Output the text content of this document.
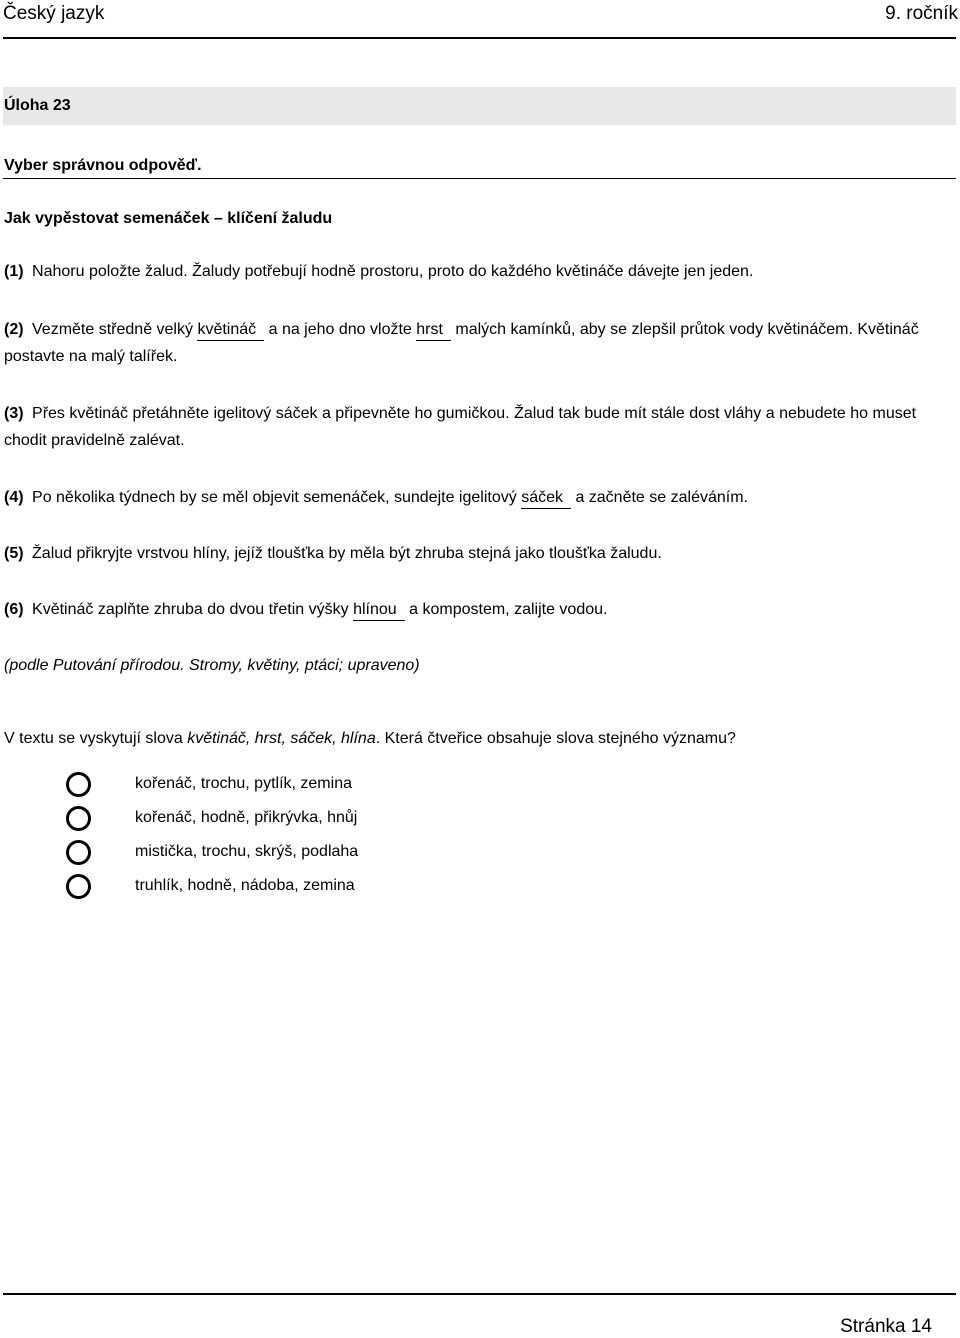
Český jazyk	9. ročník
Úloha 23
Vyber správnou odpověď.
Jak vypěstovat semenáček – klíčení žaludu
(1) Nahoru položte žalud. Žaludy potřebují hodně prostoru, proto do každého květináče dávejte jen jeden.
(2) Vezměte středně velký květináč a na jeho dno vložte hrst malých kamínků, aby se zlepšil průtok vody květináčem. Květináč postavte na malý talířek.
(3) Přes květináč přetáhněte igelitový sáček a připevněte ho gumičkou. Žalud tak bude mít stále dost vláhy a nebudete ho muset chodit pravidelně zalévat.
(4) Po několika týdnech by se měl objevit semenáček, sundejte igelitový sáček a začněte se zaléváním.
(5) Žalud přikryjte vrstvou hlíny, jejíž tloušťka by měla být zhruba stejná jako tloušťka žaludu.
(6) Květináč zaplňte zhruba do dvou třetin výšky hlínou a kompostem, zalijte vodou.
(podle Putování přírodou. Stromy, květiny, ptáci; upraveno)
V textu se vyskytují slova květináč, hrst, sáček, hlína. Která čtveřice obsahuje slova stejného významu?
kořenáč, trochu, pytlík, zemina
kořenáč, hodně, přikrývka, hnůj
mistička, trochu, skrýš, podlaha
truhlík, hodně, nádoba, zemina
Stránka 14
